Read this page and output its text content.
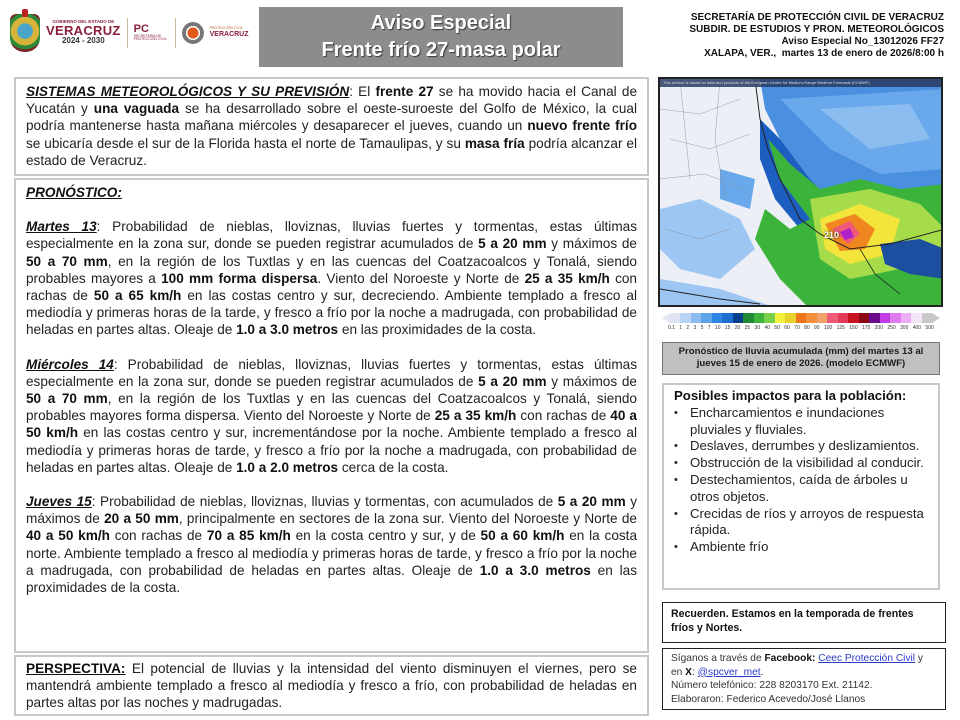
GOBIERNO DEL ESTADO DE
VERACRUZ
2024 - 2030
PC
SECRETARÍA DE PROTECCIÓN CIVIL
PROTECCIÓN CIVIL
VERACRUZ
Aviso Especial
Frente frío 27-masa polar
SECRETARÍA DE PROTECCIÓN CIVIL DE VERACRUZ
SUBDIR. DE ESTUDIOS Y PRON. METEOROLÓGICOS
Aviso Especial No_13012026 FF27
XALAPA, VER., martes 13 de enero de 2026/8:00 h
SISTEMAS METEOROLÓGICOS Y SU PREVISIÓN: El frente 27 se ha movido hacia el Canal de Yucatán y una vaguada se ha desarrollado sobre el oeste-suroeste del Golfo de México, la cual podría mantenerse hasta mañana miércoles y desaparecer el jueves, cuando un nuevo frente frío se ubicaría desde el sur de la Florida hasta el norte de Tamaulipas, y su masa fría podría alcanzar el estado de Veracruz.
PRONÓSTICO:
Martes 13: Probabilidad de nieblas, lloviznas, lluvias fuertes y tormentas, estas últimas especialmente en la zona sur, donde se pueden registrar acumulados de 5 a 20 mm y máximos de 50 a 70 mm, en la región de los Tuxtlas y en las cuencas del Coatzacoalcos y Tonalá, siendo probables mayores a 100 mm forma dispersa. Viento del Noroeste y Norte de 25 a 35 km/h con rachas de 50 a 65 km/h en las costas centro y sur, decreciendo. Ambiente templado a fresco al mediodía y primeras horas de la tarde, y fresco a frío por la noche a madrugada, con probabilidad de heladas en partes altas. Oleaje de 1.0 a 3.0 metros en las proximidades de la costa.
Miércoles 14: Probabilidad de nieblas, lloviznas, lluvias fuertes y tormentas, estas últimas especialmente en la zona sur, donde se pueden registrar acumulados de 5 a 20 mm y máximos de 50 a 70 mm, en la región de los Tuxtlas y en las cuencas del Coatzacoalcos y Tonalá, siendo probables mayores forma dispersa. Viento del Noroeste y Norte de 25 a 35 km/h con rachas de 40 a 50 km/h en las costas centro y sur, incrementándose por la noche. Ambiente templado a fresco al mediodía y primeras horas de tarde, y fresco a frío por la noche a madrugada, con probabilidad de heladas en partes altas. Oleaje de 1.0 a 2.0 metros cerca de la costa.
Jueves 15: Probabilidad de nieblas, lloviznas, lluvias y tormentas, con acumulados de 5 a 20 mm y máximos de 20 a 50 mm, principalmente en sectores de la zona sur. Viento del Noroeste y Norte de 40 a 50 km/h con rachas de 70 a 85 km/h en la costa centro y sur, y de 50 a 60 km/h en la costa norte. Ambiente templado a fresco al mediodía y primeras horas de tarde, y fresco a frío por la noche a madrugada, con probabilidad de heladas en partes altas. Oleaje de 1.0 a 3.0 metros en las proximidades de la costa.
PERSPECTIVA: El potencial de lluvias y la intensidad del viento disminuyen el viernes, pero se mantendrá ambiente templado a fresco al mediodía y fresco a frío, con probabilidad de heladas en partes altas por las noches y madrugadas.
This service is based on data and products of the European Centre for Medium-Range Weather Forecasts (ECMWF)
210
0.1 1 2 3 5 7 10 15 20 25 30 40 50 60 70 80 90 100 125 150 175 200 250 300 400 500
Pronóstico de lluvia acumulada (mm) del martes 13 al jueves 15 de enero de 2026. (modelo ECMWF)
Posibles impactos para la población:
• Encharcamientos e inundaciones pluviales y fluviales.
• Deslaves, derrumbes y deslizamientos.
• Obstrucción de la visibilidad al conducir.
• Destechamientos, caída de árboles u otros objetos.
• Crecidas de ríos y arroyos de respuesta rápida.
• Ambiente frío
Recuerden. Estamos en la temporada de frentes fríos y Nortes.
Síganos a través de Facebook: Ceec Protección Civil y en X: @spcver_met.
Número telefónico: 228 8203170 Ext. 21142.
Elaboraron: Federico Acevedo/José Llanos
